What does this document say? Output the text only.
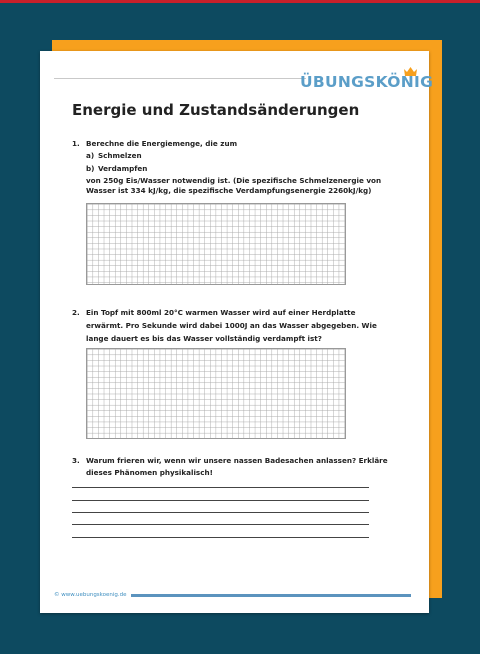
ÜBUNGSKÖNIG
Energie und Zustandsänderungen
1. Berechne die Energiemenge, die zum
a) Schmelzen
b) Verdampfen
von 250g Eis/Wasser notwendig ist. (Die spezifische Schmelzenergie von
Wasser ist 334 kJ/kg, die spezifische Verdampfungsenergie 2260kJ/kg)
2. Ein Topf mit 800ml 20°C warmen Wasser wird auf einer Herdplatte
erwärmt. Pro Sekunde wird dabei 1000J an das Wasser abgegeben. Wie
lange dauert es bis das Wasser vollständig verdampft ist?
3. Warum frieren wir, wenn wir unsere nassen Badesachen anlassen? Erkläre
dieses Phänomen physikalisch!
© www.uebungskoenig.de
